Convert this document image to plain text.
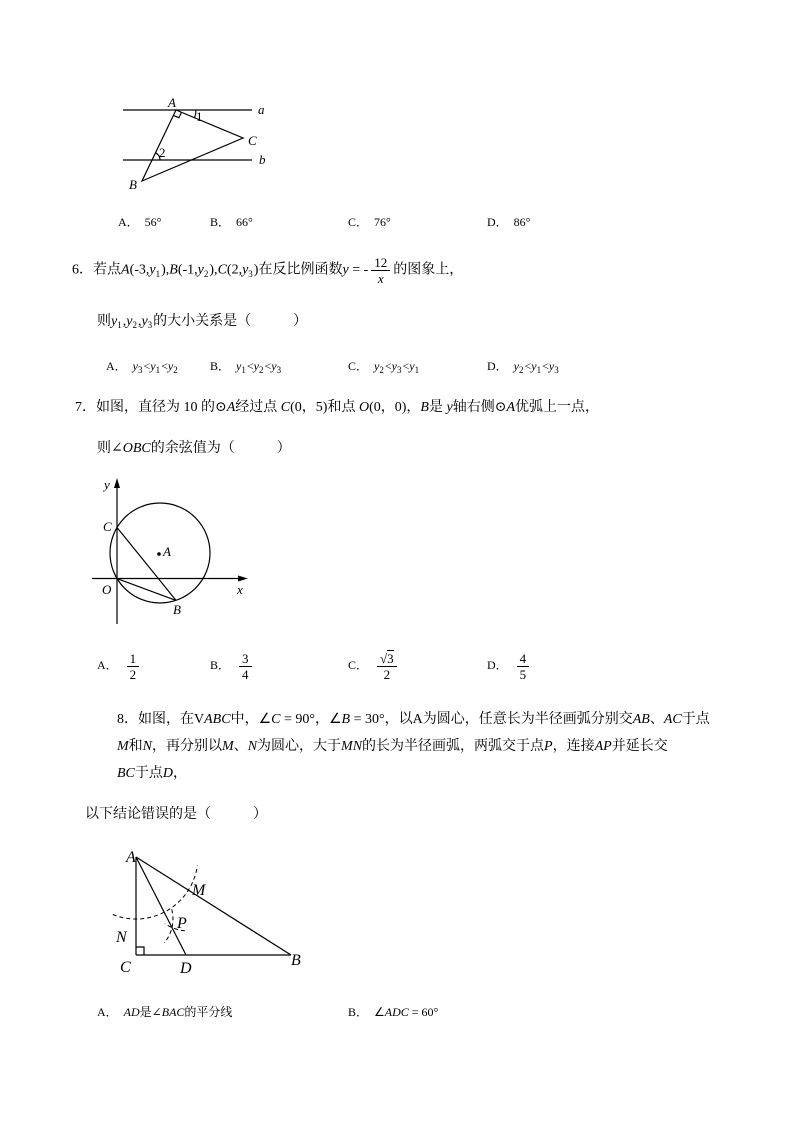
A	a
1
C
2	b
B
A． 56°	B． 66°	C． 76°	D． 86°
6．若点$A(-3,y_1),B(-1,y_2),C(2,y_3)$在反比例函数y = - $\frac{12}{x}$ 的图象上，
则$y_1,y_2,y_3$的大小关系是（　　　）
A． $y_3<y_1<y_2$	B． $y_1<y_2<y_3$	C． $y_2<y_3<y_1$	D． $y_2<y_1<y_3$
7．如图，直径为 10 的⊙A经过点 C(0，5)和点 O(0，0)，B是 y轴右侧⊙A优弧上一点，
则∠OBC的余弦值为（　　　）
y
C
A
O	x
B
A． $\frac{1}{2}$	B． $\frac{3}{4}$	C． $\frac{√3}{2}$	D． $\frac{4}{5}$
8．如图，在VABC中，∠C = 90°，∠B = 30°，以A为圆心，任意长为半径画弧分别交AB、AC于点
M和N，再分别以M、N为圆心，大于MN的长为半径画弧，两弧交于点P，连接AP并延长交
BC于点D，
以下结论错误的是（　　　）
A
M
P
N
C	D	B
A． AD是∠BAC的平分线	B． ∠ADC = 60°
